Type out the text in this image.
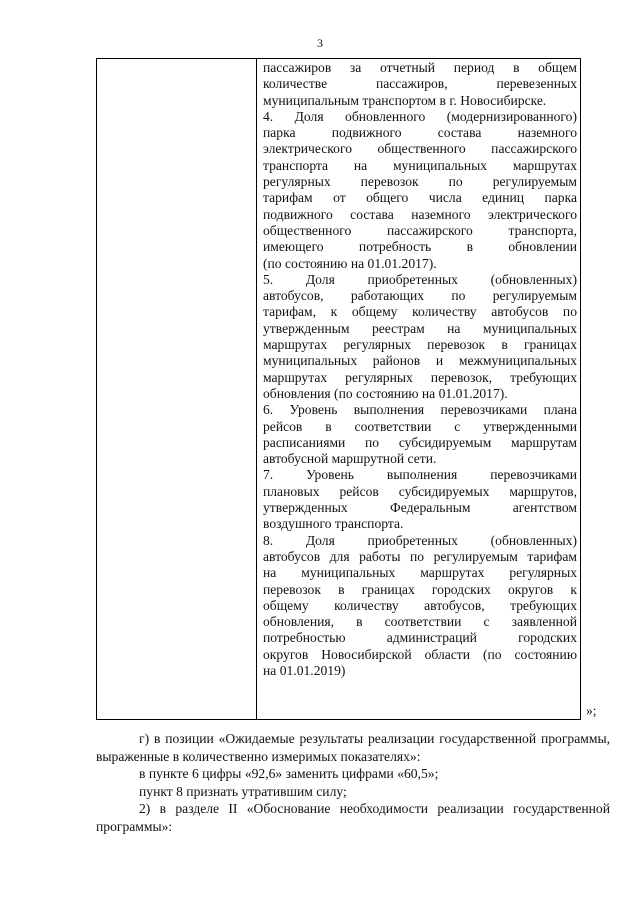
3
пассажиров за отчетный период в общем
количестве пассажиров, перевезенных
муниципальным транспортом в г. Новосибирске.
4. Доля обновленного (модернизированного)
парка подвижного состава наземного
электрического общественного пассажирского
транспорта на муниципальных маршрутах
регулярных перевозок по регулируемым
тарифам от общего числа единиц парка
подвижного состава наземного электрического
общественного пассажирского транспорта,
имеющего потребность в обновлении
(по состоянию на 01.01.2017).
5. Доля приобретенных (обновленных)
автобусов, работающих по регулируемым
тарифам, к общему количеству автобусов по
утвержденным реестрам на муниципальных
маршрутах регулярных перевозок в границах
муниципальных районов и межмуниципальных
маршрутах регулярных перевозок, требующих
обновления (по состоянию на 01.01.2017).
6. Уровень выполнения перевозчиками плана
рейсов в соответствии с утвержденными
расписаниями по субсидируемым маршрутам
автобусной маршрутной сети.
7. Уровень выполнения перевозчиками
плановых рейсов субсидируемых маршрутов,
утвержденных Федеральным агентством
воздушного транспорта.
8. Доля приобретенных (обновленных)
автобусов для работы по регулируемым тарифам
на муниципальных маршрутах регулярных
перевозок в границах городских округов к
общему количеству автобусов, требующих
обновления, в соответствии с заявленной
потребностью администраций городских
округов Новосибирской области (по состоянию
на 01.01.2019)
»;

г) в позиции «Ожидаемые результаты реализации государственной программы, выраженные в количественно измеримых показателях»:

в пункте 6 цифры «92,6» заменить цифрами «60,5»;

пункт 8 признать утратившим силу;

2) в разделе II «Обоснование необходимости реализации государственной программы»:
